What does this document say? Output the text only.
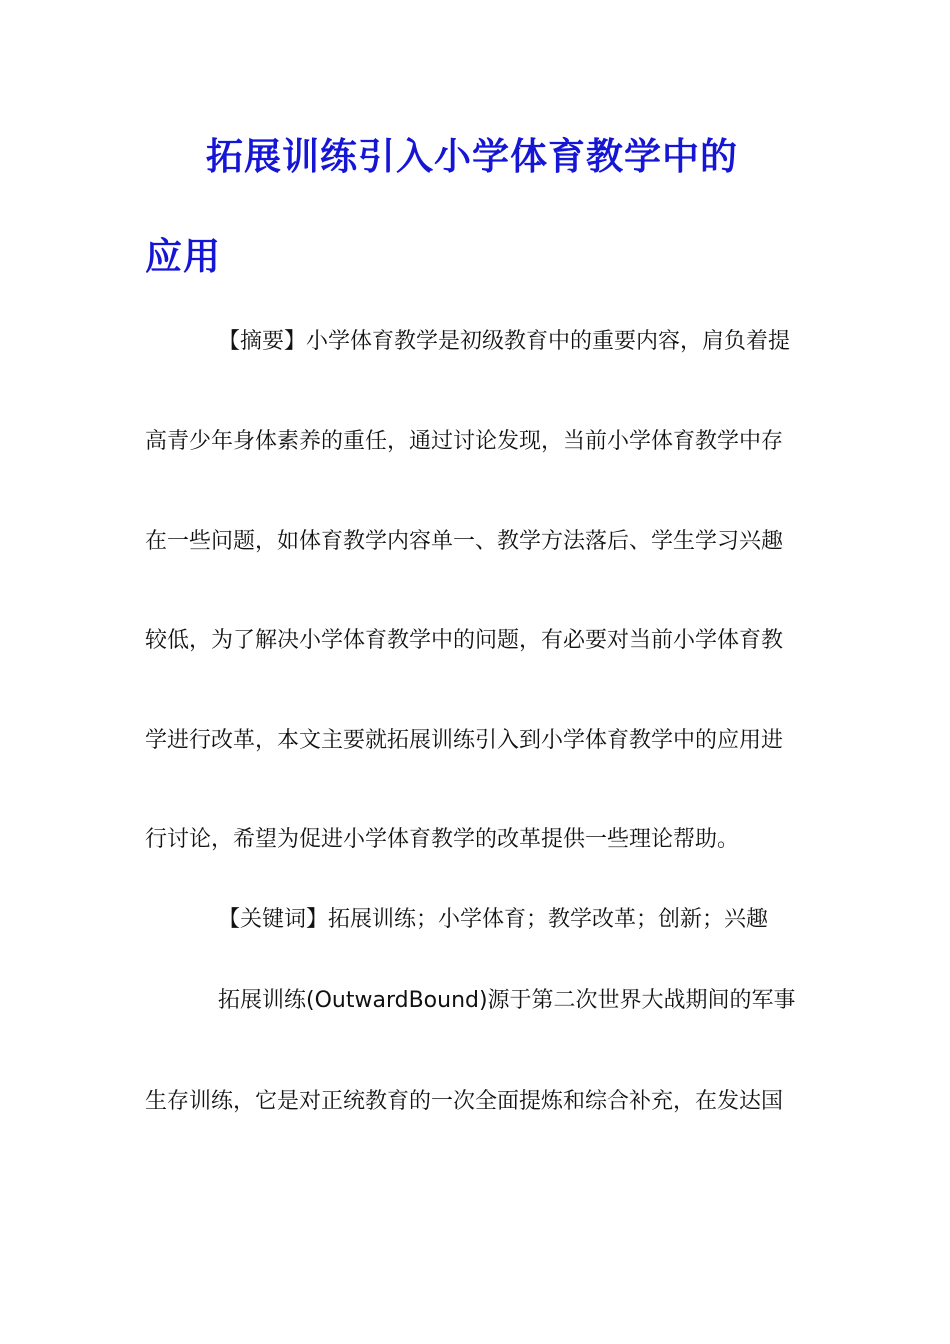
拓展训练引入小学体育教学中的
应用

【摘要】小学体育教学是初级教育中的重要内容，肩负着提

高青少年身体素养的重任，通过讨论发现，当前小学体育教学中存

在一些问题，如体育教学内容单一、教学方法落后、学生学习兴趣

较低，为了解决小学体育教学中的问题，有必要对当前小学体育教

学进行改革，本文主要就拓展训练引入到小学体育教学中的应用进

行讨论，希望为促进小学体育教学的改革提供一些理论帮助。

【关键词】拓展训练；小学体育；教学改革；创新；兴趣

拓展训练(OutwardBound)源于第二次世界大战期间的军事

生存训练，它是对正统教育的一次全面提炼和综合补充，在发达国
